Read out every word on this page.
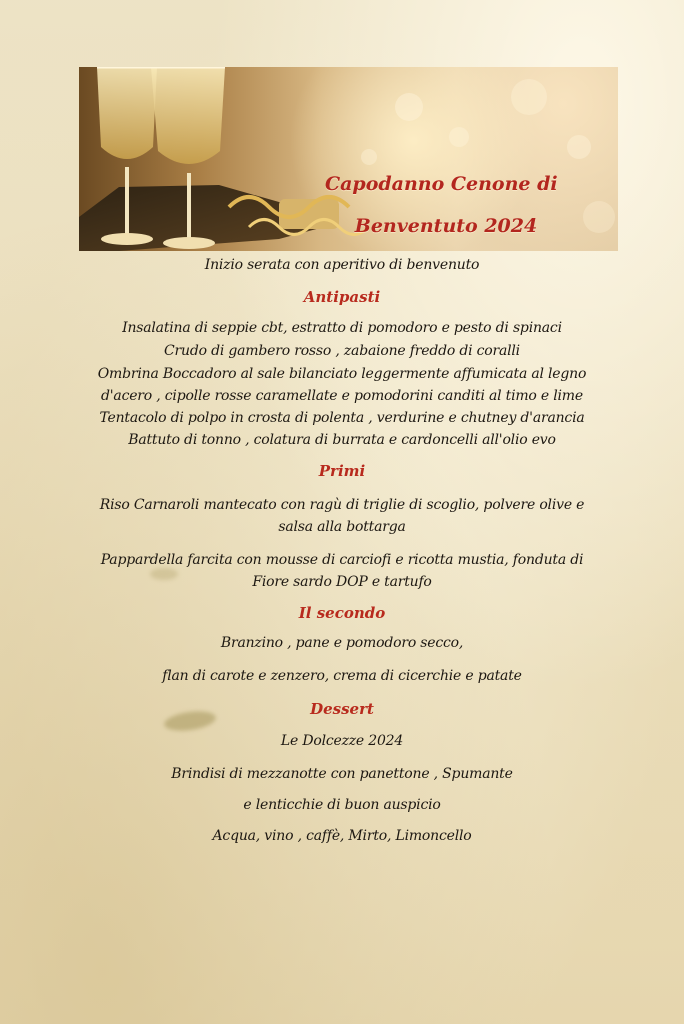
Capodanno Cenone di
Benventuto 2024
Inizio serata con aperitivo di benvenuto
Antipasti
Insalatina di seppie cbt, estratto di pomodoro e pesto di spinaci
Crudo di gambero rosso , zabaione freddo di coralli
Ombrina Boccadoro al sale bilanciato leggermente affumicata al legno
d'acero , cipolle rosse caramellate e pomodorini canditi al timo e lime
Tentacolo di polpo in crosta di polenta , verdurine e chutney d'arancia
Battuto di tonno , colatura di burrata e cardoncelli all'olio evo
Primi
Riso Carnaroli mantecato con ragù di triglie di scoglio, polvere olive e
salsa alla bottarga
Pappardella farcita con mousse di carciofi e ricotta mustia, fonduta di
Fiore sardo DOP e tartufo
Il secondo
Branzino , pane e pomodoro secco,
flan di carote e zenzero, crema di cicerchie e patate
Dessert
Le Dolcezze 2024
Brindisi di mezzanotte con panettone , Spumante
e lenticchie di buon auspicio
Acqua, vino , caffè, Mirto, Limoncello
